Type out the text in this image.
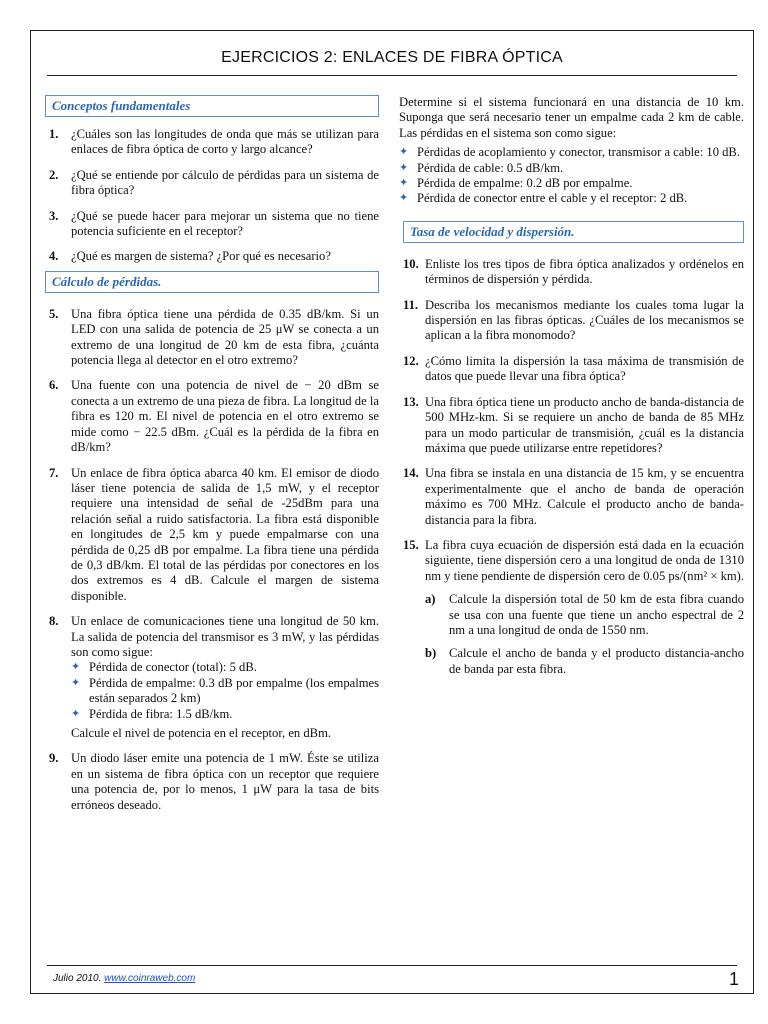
EJERCICIOS 2: ENLACES DE FIBRA ÓPTICA
Conceptos fundamentales
1. ¿Cuáles son las longitudes de onda que más se utilizan para enlaces de fibra óptica de corto y largo alcance?
2. ¿Qué se entiende por cálculo de pérdidas para un sistema de fibra óptica?
3. ¿Qué se puede hacer para mejorar un sistema que no tiene potencia suficiente en el receptor?
4. ¿Qué es margen de sistema? ¿Por qué es necesario?
Cálculo de pérdidas.
5. Una fibra óptica tiene una pérdida de 0.35 dB/km. Si un LED con una salida de potencia de 25 μW se conecta a un extremo de una longitud de 20 km de esta fibra, ¿cuánta potencia llega al detector en el otro extremo?
6. Una fuente con una potencia de nivel de − 20 dBm se conecta a un extremo de una pieza de fibra. La longitud de la fibra es 120 m. El nivel de potencia en el otro extremo se mide como − 22.5 dBm. ¿Cuál es la pérdida de la fibra en dB/km?
7. Un enlace de fibra óptica abarca 40 km. El emisor de diodo láser tiene potencia de salida de 1,5 mW, y el receptor requiere una intensidad de señal de -25dBm para una relación señal a ruido satisfactoria. La fibra está disponible en longitudes de 2,5 km y puede empalmarse con una pérdida de 0,25 dB por empalme. La fibra tiene una pérdida de 0,3 dB/km. El total de las pérdidas por conectores en los dos extremos es 4 dB. Calcule el margen de sistema disponible.
8. Un enlace de comunicaciones tiene una longitud de 50 km. La salida de potencia del transmisor es 3 mW, y las pérdidas son como sigue:
✦ Pérdida de conector (total): 5 dB.
✦ Pérdida de empalme: 0.3 dB por empalme (los empalmes están separados 2 km)
✦ Pérdida de fibra: 1.5 dB/km.
Calcule el nivel de potencia en el receptor, en dBm.
9. Un diodo láser emite una potencia de 1 mW. Éste se utiliza en un sistema de fibra óptica con un receptor que requiere una potencia de, por lo menos, 1 μW para la tasa de bits erróneos deseado.
Determine si el sistema funcionará en una distancia de 10 km. Suponga que será necesario tener un empalme cada 2 km de cable. Las pérdidas en el sistema son como sigue:
✦ Pérdidas de acoplamiento y conector, transmisor a cable: 10 dB.
✦ Pérdida de cable: 0.5 dB/km.
✦ Pérdida de empalme: 0.2 dB por empalme.
✦ Pérdida de conector entre el cable y el receptor: 2 dB.
Tasa de velocidad y dispersión.
10. Enliste los tres tipos de fibra óptica analizados y ordénelos en términos de dispersión y pérdida.
11. Describa los mecanismos mediante los cuales toma lugar la dispersión en las fibras ópticas. ¿Cuáles de los mecanismos se aplican a la fibra monomodo?
12. ¿Cómo limita la dispersión la tasa máxima de transmisión de datos que puede llevar una fibra óptica?
13. Una fibra óptica tiene un producto ancho de banda-distancia de 500 MHz-km. Si se requiere un ancho de banda de 85 MHz para un modo particular de transmisión, ¿cuál es la distancia máxima que puede utilizarse entre repetidores?
14. Una fibra se instala en una distancia de 15 km, y se encuentra experimentalmente que el ancho de banda de operación máximo es 700 MHz. Calcule el producto ancho de banda-distancia para la fibra.
15. La fibra cuya ecuación de dispersión está dada en la ecuación siguiente, tiene dispersión cero a una longitud de onda de 1310 nm y tiene pendiente de dispersión cero de 0.05 ps/(nm² × km).
a)	Calcule la dispersión total de 50 km de esta fibra cuando se usa con una fuente que tiene un ancho espectral de 2 nm a una longitud de onda de 1550 nm.
b)	Calcule el ancho de banda y el producto distancia-ancho de banda par esta fibra.
Julio 2010. www.coinraweb.com	1
